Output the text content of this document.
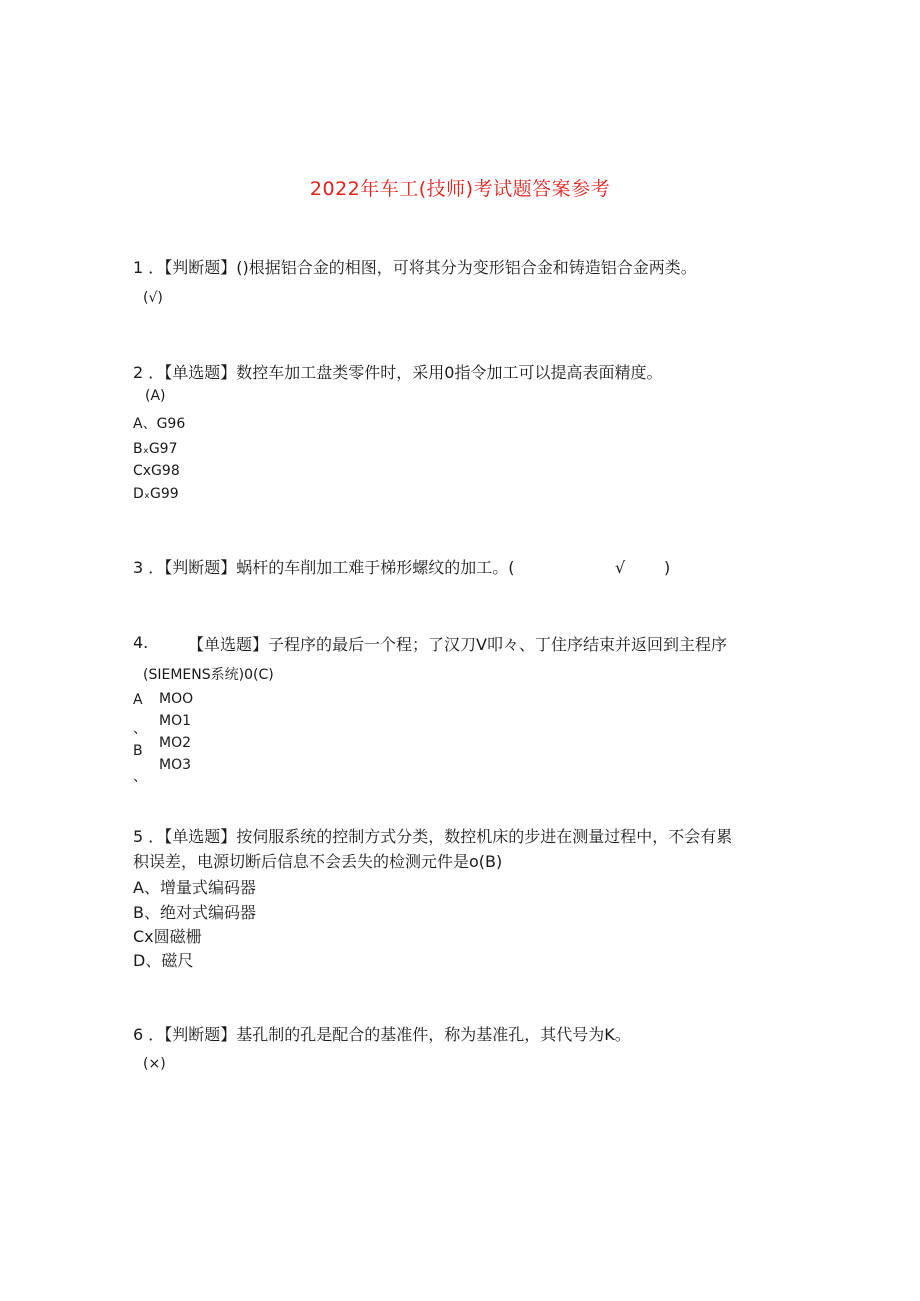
2022年车工(技师)考试题答案参考
1 ．【判断题】()根据铝合金的相图，可将其分为变形铝合金和铸造铝合金两类。
(√)
2 ．【单选题】数控车加工盘类零件时，采用0指令加工可以提高表面精度。
(A)
A、G96
BₓG97
CxG98
DₓG99
3 ．【判断题】蜗杆的车削加工难于梯形螺纹的加工。(	√ )
4. 【单选题】子程序的最后一个程；了汉刀V叩々、丁住序结束并返回到主程序
(SIEMENS系统)0(C)
A
、
B
、
MOO
MO1
MO2
MO3
5 ．【单选题】按伺服系统的控制方式分类，数控机床的步进在测量过程中，不会有累
积误差，电源切断后信息不会丢失的检测元件是o(B)
A、增量式编码器
B、绝对式编码器
Cx圆磁栅
D、磁尺
6 ．【判断题】基孔制的孔是配合的基准件，称为基准孔，其代号为K。
(×)
